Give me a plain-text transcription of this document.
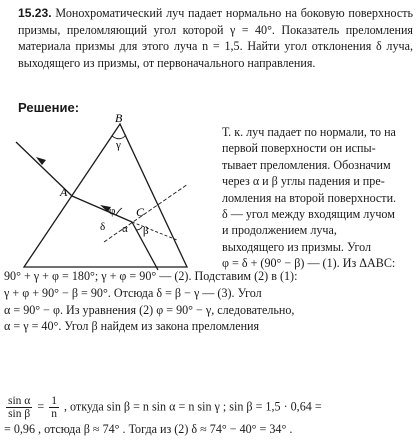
15.23. Монохроматический луч падает нормально на боковую поверхность призмы, преломляющий угол которой γ = 40°. Показатель преломления материала призмы для этого луча n = 1,5. Найти угол отклонения δ луча, выходящего из призмы, от первоначального направления.
Решение:
B
γ
A
φ C
δ α β
Т. к. луч падает по нормали, то на
первой поверхности он испы-
тывает преломления. Обозначим
через α и β углы падения и пре-
ломления на второй поверхности.
δ — угол между входящим лучом
и продолжением луча,
выходящего из призмы. Угол
φ = δ + (90° − β) — (1). Из ΔABC:
90° + γ + φ = 180°; γ + φ = 90° — (2). Подставим (2) в (1):
γ + φ + 90° − β = 90°. Отсюда δ = β − γ — (3). Угол
α = 90° − φ. Из уравнения (2) φ = 90° − γ, следовательно,
α = γ = 40°. Угол β найдем из закона преломления
$\frac{\text{sin α}}{\text{sin β}} = \frac{1}{n}$ , откуда sin β = n sin α = n sin γ ; sin β = 1,5 · 0,64 =
= 0,96 , отсюда β ≈ 74° . Тогда из (2) δ ≈ 74° − 40° = 34° .
